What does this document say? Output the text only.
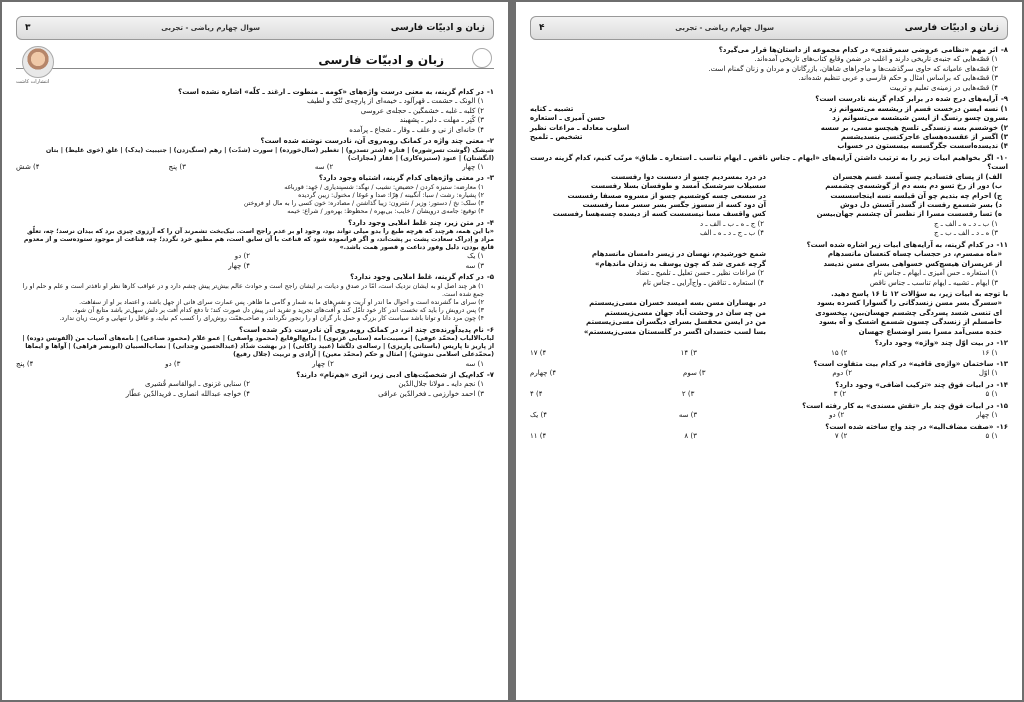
زبان و ادبیّات فارسی
سوال چهارم ریاضی - تجربی
۳
زبان و ادبیّات فارسی
انتشارات کاشت
۱-در کدام گزینه، به معنی درست واژه‌های «کومه ـ منطوت ـ ارغند ـ کلّه» اشاره نشده است؟
۱) الونک ـ حشمت ـ قهرآلود ـ خیمه‌ای از پارچه‌ی تُنُک و لطیف
۲) کلبه ـ غلبه ـ خشمگین ـ حجله‌ی عروسی
۳) کُنِر ـ مهلت ـ دلیر ـ پشهبند
۴) خانه‌ای از نی و علف ـ وقار ـ شجاع ـ پرآمده
۲-معنی چند واژه در کمانک روبه‌روی آن، نادرست نوشته شده است؟
شیشک (گوشت تسرشوره) | فتاره (شتر تسدرو) | تغطیر (سال‌خورده) | سورت (شدّت) | رهم (سنگ‌زدن) | جنیبیت (یدک) | غلق (خوی غلیظ) | بتان (انگشتان) | عنود (ستیزه‌کاری) | عقار (مجازات)
۱) چهار
۲) سه
۳) پنج
۴) شش
۳-در معنی واژه‌های کدام گزینه، اشتباه وجود دارد؟
۱) معارضه: ستیزه کردن / حضیض: نشیب / نهگد: شسپندیاری / جَهد: قورباغه
۲) پشیاره: رشت / سبا: آنگبینه / هِرّا: صدا و غوغا / مخنول: زیبن گردیده
۳) سلک: نخ / دستور: وزیر / سَترون: زیبا گذاشتن / مصادره: خون کسی را به مال او فروختن
۴) توقیع: جامه‌ی درویشان / خایب: بی‌بهره / محظوظ: بهره‌ور / شراع: خیمه
۴-در متن زیر، چند غلط املایی وجود دارد؟
«با این همه، هرچند که هرچه طبع را بدو میلی تواند بود، وجود او بر عدم راجح است. نیک‌بخت تشمرند آن را که آرزوی چیزی برد که بیدان نرسد؛ چه، تعلّق مراد و اِدراک سعادت پشت بر پشت‌اند، و اگر فرانموده شود که قناعت با آن سابق است، هم مطیق خرد نگردد؛ چه، قناعت از موجود ستوده‌ست و از معدوم قانع بودن، دلیل وفور دناعت و قصور همت باشد.»
۱) یک
۲) دو
۳) سه
۴) چهار
۵-در کدام گزینه، غلط املایی وجود ندارد؟
۱) هر چند اصل او به ایشان نزدیک است، امّا در صدق و دیانت بر ایشان راجح است و حوادث عالم بیش‌تر پیش چشم دارد و در عواقب کارها نظر او نافذتر است و علم و حلم او را جمع شده است.
۲) سرای ما گشرنده است و احوال ما اندر او اَریت و نفس‌های ما به شمار و گامی ما ظاهر. پس عمارت سرای فانی از جهل باشد، و اعتماد بر او از سفاهت.
۳) پس درویش را باید که نخست اندر کار خود تأمّل کند و آفت‌های تجرید و تفرید اندر پیش دل صورت کند؛ تا دفع کدام آفت بر دلش سهل‌تر باشد متابع آن شود.
۴) چون مرد دانا و توانا باشد سیاست کار بزرگ و حمل بار گران او را رنجور نگرداند، و صاحب‌همّت روش‌رای را کسب کم نباید، و عاقل را تنهایی و غربت زیان ندارد.
۶-نام پدیدآورنده‌ی چند اثر، در کمانک روبه‌روی آن نادرست ذکر شده است؟
لباب‌الالباب (محمّد عوفی) | مصیبت‌نامه (سنایی غزنوی) | بدایع‌الوقایع (محمود واصفی) | عمو غلام (محمود صناعی) | نامه‌های آسیاب من (آلفونس دوده) | از پاریز تا پاریس (باستانی پاریزی) | رساله‌ی دلگشا (عبید زاکانی) | در بهشت شدّاد (عبدالحسین وجدانی) | نصاب‌الصبیان (ابونصر فراهی) | آواها و ایماها (محمّدعلی اسلامی ندوشن) | امثال و حکم (محمّد معین) | آزادی و تربیت (جلال رفیع)
۱) سه
۲) چهار
۳) دو
۴) پنج
۷-کدام‌یک از شخصیّت‌های ادبی زیر، اثری «هم‌نام» دارند؟
۱) نجم دایه ـ مولانا جلال‌الدّین
۲) سنایی غزنوی ـ ابوالقاسم قُشیری
۳) احمد خوارزمی ـ فخرالدّین عراقی
۴) خواجه عبدالله انصاری ـ فریدالدّین عطّار
زبان و ادبیّات فارسی
سوال چهارم ریاضی - تجربی
۴
۸-اثر مهم «نظامی عروضی سمرقندی» در کدام مجموعه از داستان‌ها قرار می‌گیرد؟
۱) قصّه‌هایی که جنبه‌ی تاریخی دارند و اغلب در ضمن وقایع کتاب‌های تاریخی آمده‌اند.
۲) قصّه‌های عامیانه که حاوی سرگذشت‌ها و ماجراهای شاهان، بازرگانان و مردان و زنان گمنام است.
۳) قصّه‌هایی که براساس امثال و حکم فارسی و عربی تنظیم شده‌اند.
۴) قصّه‌هایی در زمینه‌ی تعلیم و تربیت
۹-آرایه‌های درج شده در برابر کدام گزینه نادرست است؟
۱) نسه ایسن درخست قسم از ریشسه می‌تسوانم زد
تشبیه ـ کنایه
بسرون چسو رنسگ از ایسن شیشسه می‌تسوانم زد
حسن آمیزی ـ استعاره
۲) خوشسم بسه زنسدگی تلسخ هیچسو مسی، بر سسه
اسلوب معادله ـ مراعات نظیر
۳) اگسر از عقسده‌هسای عاجزکنسی بنسدیشسم
تشخیص ـ تلمیح
۴) ندیسده‌اسست جگرگسسه بیسستون در خسواب
۱۰-اگر بخواهیم ابیات زیر را به ترتیب داشتن آرایه‌های «ایهام ـ جناس ناقص ـ ایهام تناسب ـ استعاره ـ طباق» مرتّب کنیم، کدام گزینه درست است؟
الف) از پسای فتسادیم چسو آمسد غسم هجسران
در درد بمسردیم چسو از دسست دوا رفسست
ب) دور از رخ تسو دم بسه دم از گوشسه‌ی چشمسم
سسیلاب سرشسک آمسد و طوفسان بسلا رفسست
ج) احرام چه بندیم چو آن قبلسه نسه اینجاسسست
در سسعی چسه کوشسیم چسو از مسروه صسفا رفسست
د) بسر شسمع رفست از گسذر آتسش دل دوش
آن دود کسه از سسوز جگسر بسر سسر مسا رفسست
ه) تسا رفسست مسرا از نظسر آن چشسم جهان‌بیسن
کس واقسف مسا نیسسست کسه از دیسده چسه‌هسا رفسست
۱) ب ـ د ـ ه ـ الف ـ ج
۲) ج ـ ه ـ ب ـ الف ـ د
۳) ه ـ د ـ الف ـ ب ـ ج
۴) ب ـ ج ـ د ـ ه ـ الف
۱۱-در کدام گزینه، به آرایه‌های ابیات زیر اشاره شده است؟
«ماه مصسرم، در حجساب چساه کنعسان مانسدهام
شمع خورشیدم، نهسان در زیسر دامسان مانسدهام
از عزیسزان هیسچ‌کس خسواهی بسرای مسن ندیسد
گرچه عمری شد که چون یوسف به زندان ماندهام»
۱) استعاره ـ حس آمیزی ـ ایهام ـ جناس تام
۲) مراعات نظیر ـ حسن تعلیل ـ تلمیح ـ تضاد
۳) ایهام ـ تشبیه ـ ایهام تناسب ـ جناس ناقص
۴) استعاره ـ تناقض ـ واج‌آرایی ـ جناس تام
با توجه به ابیات زیر، به سؤالات ۱۲ تا ۱۶ پاسخ دهید.
«سسرگ بسر مسن زنسدگانی را گسوارا کسرده بسود
در بهساران مسن بسه امیسد خسزان مسی‌زیسستم
ای تنسی شسد پسردگی چشسم جهسان‌بین، بیخسودی
من چه سان در وحشت آباد جهان مسی‌زیسستم
حاصسلم از زنسدگی چسون شسمع اشسک و آه بسود
من در ایسن محفسل بسرای دیگسران مسی‌زیسستم
خنده مسی‌آمد مسرا بسر اوضساع جهسان
بسا لسب خنسدان اگسر در گلسستان مسی‌زیسستم»
۱۲-در بیت اوّل چند «واژه» وجود دارد؟
۱) ۱۶
۲) ۱۵
۳) ۱۴
۴) ۱۷
۱۳-ساختمان «واژه‌ی قافیه» در کدام بیت متفاوت است؟
۱) اوّل
۲) دوم
۳) سوم
۴) چهارم
۱۴-در ابیات فوق چند «ترکیب اضافی» وجود دارد؟
۱) ۵
۲) ۳
۳) ۲
۴) ۴
۱۵-در ابیات فوق چند بار «نقش مسندی» به کار رفته است؟
۱) چهار
۲) دو
۳) سه
۴) یک
۱۶-«صفت مضاف‌الیه» در چند واج ساخته شده است؟
۱) ۵
۲) ۷
۳) ۸
۴) ۱۱
